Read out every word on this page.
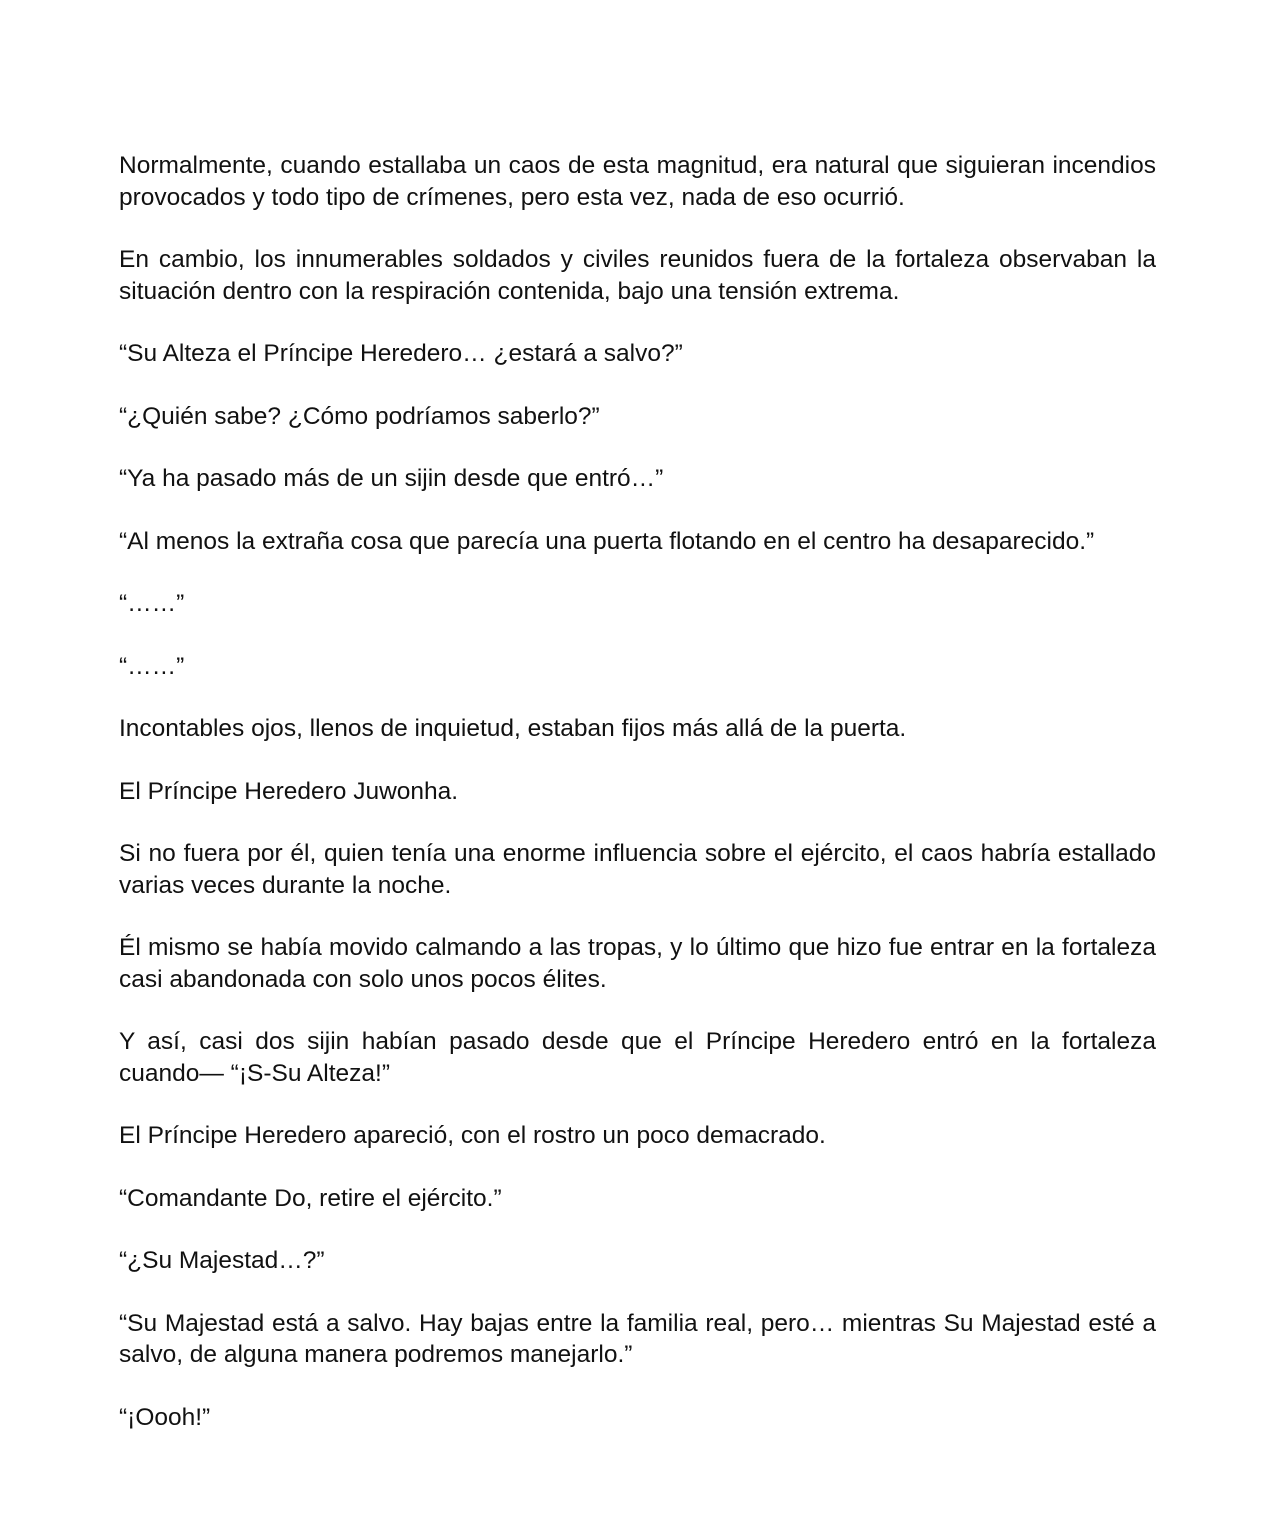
Normalmente, cuando estallaba un caos de esta magnitud, era natural que siguieran incendios provocados y todo tipo de crímenes, pero esta vez, nada de eso ocurrió.

En cambio, los innumerables soldados y civiles reunidos fuera de la fortaleza observaban la situación dentro con la respiración contenida, bajo una tensión extrema.

“Su Alteza el Príncipe Heredero… ¿estará a salvo?”

“¿Quién sabe? ¿Cómo podríamos saberlo?”

“Ya ha pasado más de un sijin desde que entró…”

“Al menos la extraña cosa que parecía una puerta flotando en el centro ha desaparecido.”

“……”

“……”

Incontables ojos, llenos de inquietud, estaban fijos más allá de la puerta.

El Príncipe Heredero Juwonha.

Si no fuera por él, quien tenía una enorme influencia sobre el ejército, el caos habría estallado varias veces durante la noche.

Él mismo se había movido calmando a las tropas, y lo último que hizo fue entrar en la fortaleza casi abandonada con solo unos pocos élites.

Y así, casi dos sijin habían pasado desde que el Príncipe Heredero entró en la fortaleza cuando— “¡S-Su Alteza!”

El Príncipe Heredero apareció, con el rostro un poco demacrado.

“Comandante Do, retire el ejército.”

“¿Su Majestad…?”

“Su Majestad está a salvo. Hay bajas entre la familia real, pero… mientras Su Majestad esté a salvo, de alguna manera podremos manejarlo.”

“¡Oooh!”
